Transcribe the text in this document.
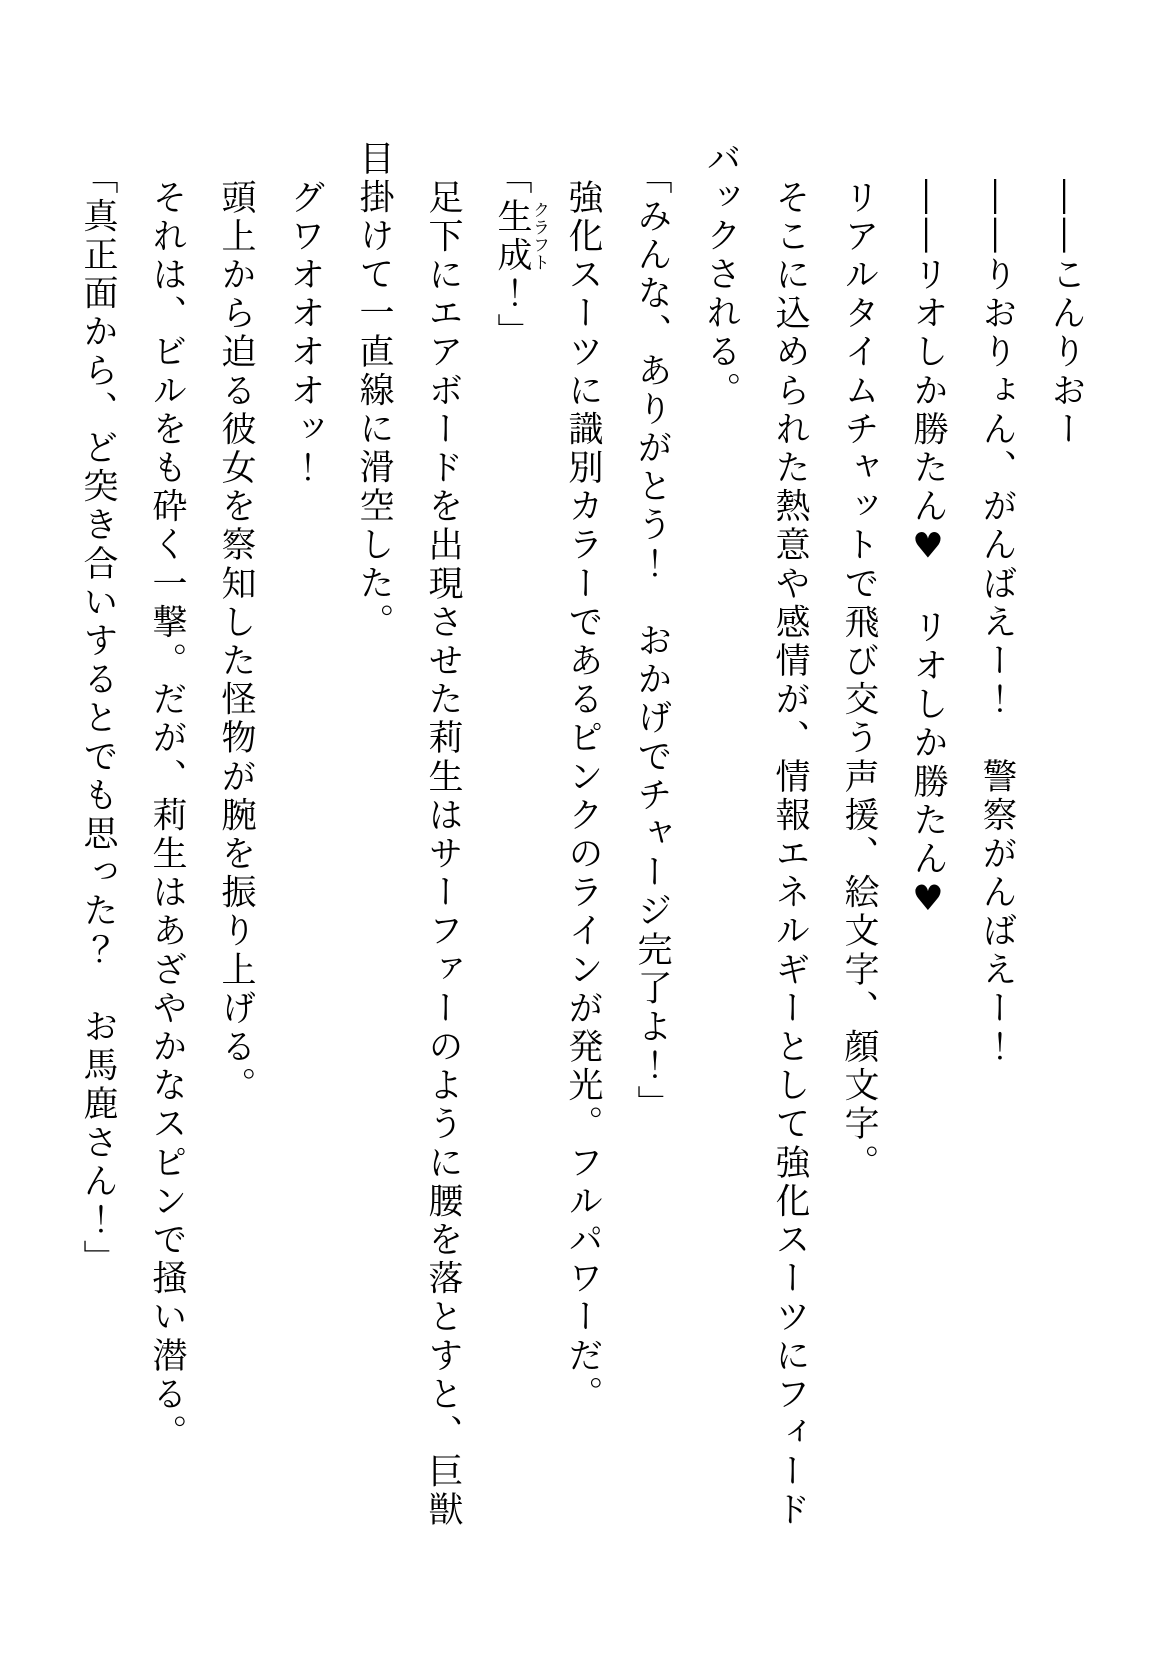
――こんりおー

――りおりょん、がんばえー！　警察がんばえー！

――リオしか勝たん♥　リオしか勝たん♥

リアルタイムチャットで飛び交う声援、絵文字、顔文字。

そこに込められた熱意や感情が、情報エネルギーとして強化スーツにフィード

バックされる。

「みんな、ありがとう！　おかげでチャージ完了よ！」

強化スーツに識別カラーであるピンクのラインが発光。フルパワーだ。

「生成クラフト！」

足下にエアボードを出現させた莉生はサーファーのように腰を落とすと、巨獣

目掛けて一直線に滑空した。

グワオオオオッ！

頭上から迫る彼女を察知した怪物が腕を振り上げる。

それは、ビルをも砕く一撃。だが、莉生はあざやかなスピンで掻い潜る。

「真正面から、ど突き合いするとでも思った？　お馬鹿さん！」
